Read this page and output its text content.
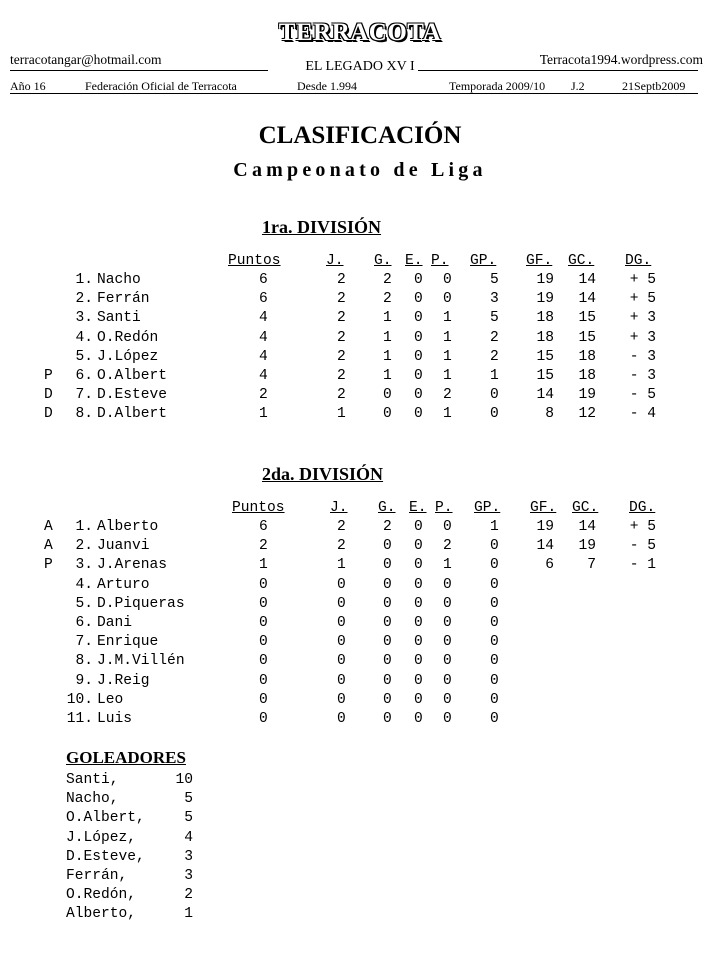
TERRACOTA
terracotangar@hotmail.com	Terracota1994.wordpress.com
EL LEGADO XV I
Año 16	Federación Oficial de Terracota	Desde 1.994	Temporada 2009/10 J.2	21Septb2009
CLASIFICACIÓN
Campeonato de Liga
1ra. DIVISIÓN
Puntos	J. G. E. P. GP. GF. GC. DG.
1. Nacho	6	2	2 0 0	5	19 14 + 5
2. Ferrán	6	2	2 0 0	3	19 14 + 5
3. Santi	4	2	1 0 1	5	18 15 + 3
4. O.Redón	4	2	1 0 1	2	18 15 + 3
5. J.López	4	2	1 0 1	2	15 18 - 3
P 6. O.Albert	4	2	1 0 1	1	15 18 - 3
D 7. D.Esteve	2	2	0 0 2	0	14 19 - 5
D 8. D.Albert	1	1	0 0 1	0	8 12 - 4
2da. DIVISIÓN
Puntos	J. G. E. P. GP. GF. GC. DG.
A 1. Alberto	6	2	2 0 0	1	19 14 + 5
A 2. Juanvi	2	2	0 0 2	0	14 19 - 5
P 3. J.Arenas	1	1	0 0 1	0	6 7 - 1
4. Arturo	0	0	0 0 0	0
5. D.Piqueras	0	0	0 0 0	0
6. Dani	0	0	0 0 0	0
7. Enrique	0	0	0 0 0	0
8. J.M.Villén	0	0	0 0 0	0
9. J.Reig	0	0	0 0 0	0
10. Leo	0	0	0 0 0	0
11. Luis	0	0	0 0 0	0
GOLEADORES
Santi,	10
Nacho,	5
O.Albert,	5
J.López,	4
D.Esteve,	3
Ferrán,	3
O.Redón,	2
Alberto,	1
